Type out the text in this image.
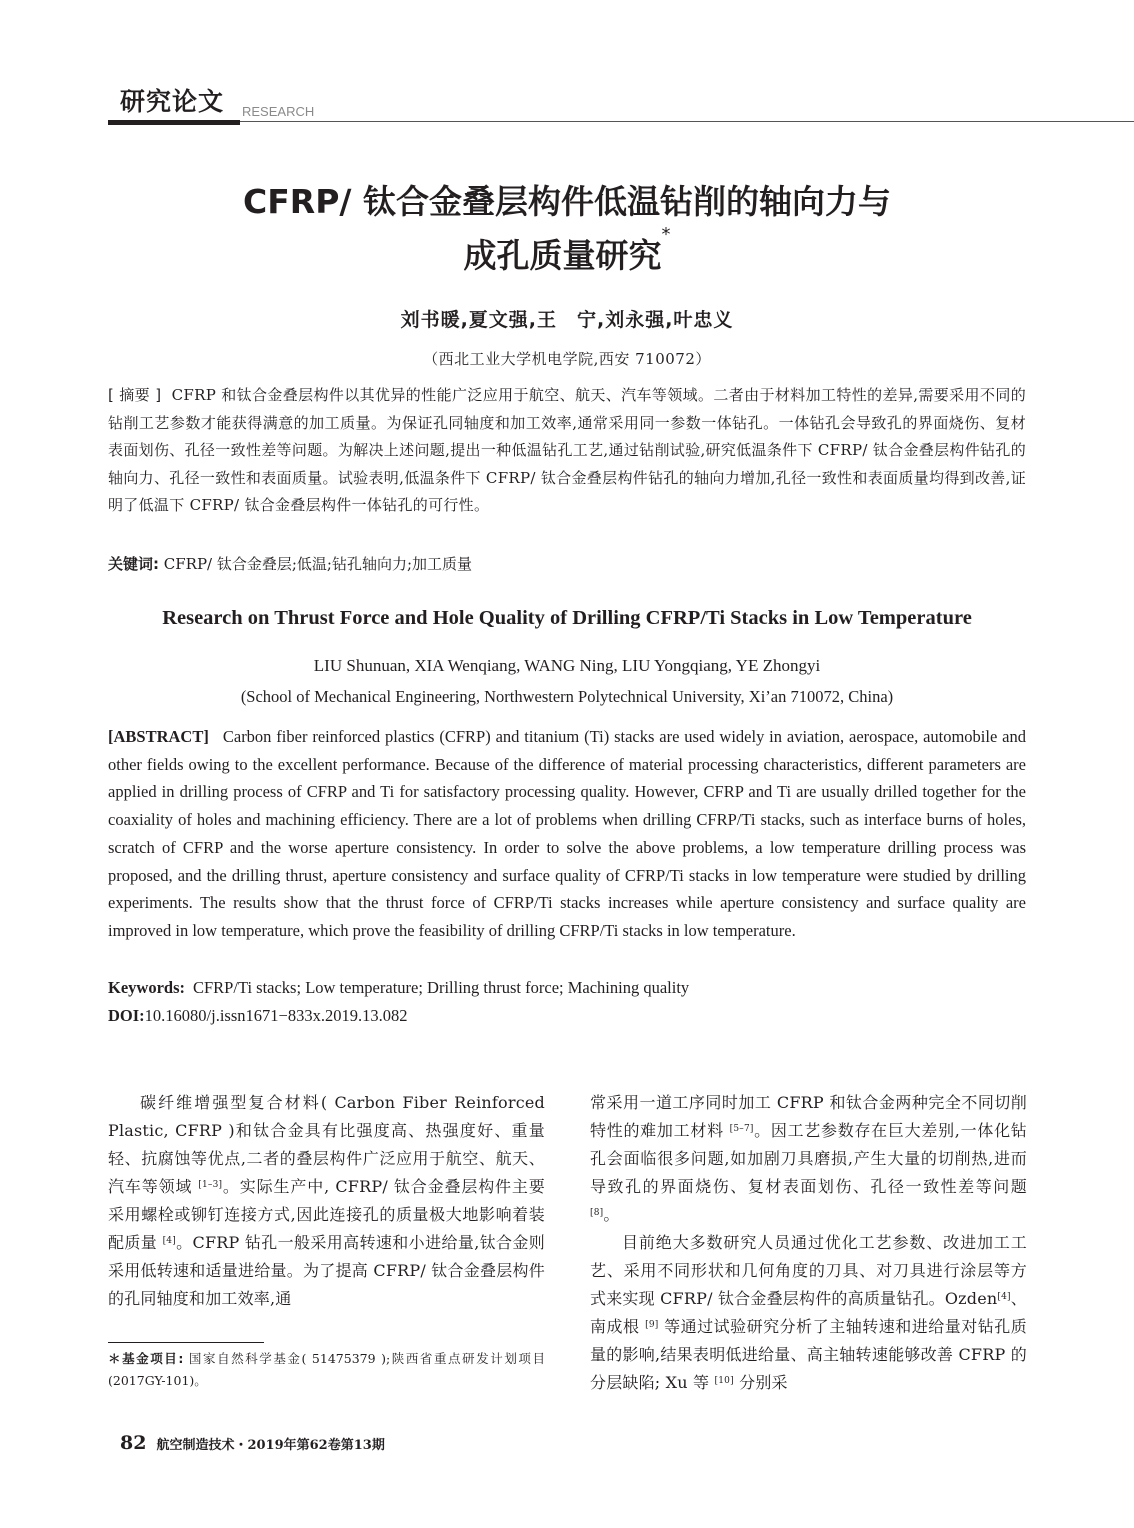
研究论文 RESEARCH
CFRP/ 钛合金叠层构件低温钻削的轴向力与
成孔质量研究*
刘书暖,夏文强,王　宁,刘永强,叶忠义
（西北工业大学机电学院,西安 710072）
[ 摘要 ] CFRP 和钛合金叠层构件以其优异的性能广泛应用于航空、航天、汽车等领域。二者由于材料加工特性的差异,需要采用不同的钻削工艺参数才能获得满意的加工质量。为保证孔同轴度和加工效率,通常采用同一参数一体钻孔。一体钻孔会导致孔的界面烧伤、复材表面划伤、孔径一致性差等问题。为解决上述问题,提出一种低温钻孔工艺,通过钻削试验,研究低温条件下 CFRP/ 钛合金叠层构件钻孔的轴向力、孔径一致性和表面质量。试验表明,低温条件下 CFRP/ 钛合金叠层构件钻孔的轴向力增加,孔径一致性和表面质量均得到改善,证明了低温下 CFRP/ 钛合金叠层构件一体钻孔的可行性。
关键词: CFRP/ 钛合金叠层;低温;钻孔轴向力;加工质量
Research on Thrust Force and Hole Quality of Drilling CFRP/Ti Stacks in Low Temperature
LIU Shunuan, XIA Wenqiang, WANG Ning, LIU Yongqiang, YE Zhongyi
(School of Mechanical Engineering, Northwestern Polytechnical University, Xi’an 710072, China)
[ABSTRACT] Carbon fiber reinforced plastics (CFRP) and titanium (Ti) stacks are used widely in aviation, aerospace, automobile and other fields owing to the excellent performance. Because of the difference of material processing characteristics, different parameters are applied in drilling process of CFRP and Ti for satisfactory processing quality. However, CFRP and Ti are usually drilled together for the coaxiality of holes and machining efficiency. There are a lot of problems when drilling CFRP/Ti stacks, such as interface burns of holes, scratch of CFRP and the worse aperture consistency. In order to solve the above problems, a low temperature drilling process was proposed, and the drilling thrust, aperture consistency and surface quality of CFRP/Ti stacks in low temperature were studied by drilling experiments. The results show that the thrust force of CFRP/Ti stacks increases while aperture consistency and surface quality are improved in low temperature, which prove the feasibility of drilling CFRP/Ti stacks in low temperature.
Keywords: CFRP/Ti stacks; Low temperature; Drilling thrust force; Machining quality
DOI:10.16080/j.issn1671−833x.2019.13.082

碳纤维增强型复合材料( Carbon Fiber Reinforced Plastic, CFRP )和钛合金具有比强度高、热强度好、重量轻、抗腐蚀等优点,二者的叠层构件广泛应用于航空、航天、汽车等领域 [1–3]。实际生产中, CFRP/ 钛合金叠层构件主要采用螺栓或铆钉连接方式,因此连接孔的质量极大地影响着装配质量 [4]。CFRP 钻孔一般采用高转速和小进给量,钛合金则采用低转速和适量进给量。为了提高 CFRP/ 钛合金叠层构件的孔同轴度和加工效率,通

常采用一道工序同时加工 CFRP 和钛合金两种完全不同切削特性的难加工材料 [5–7]。因工艺参数存在巨大差别,一体化钻孔会面临很多问题,如加剧刀具磨损,产生大量的切削热,进而导致孔的界面烧伤、复材表面划伤、孔径一致性差等问题 [8]。

目前绝大多数研究人员通过优化工艺参数、改进加工工艺、采用不同形状和几何角度的刀具、对刀具进行涂层等方式来实现 CFRP/ 钛合金叠层构件的高质量钻孔。Ozden[4]、南成根 [9] 等通过试验研究分析了主轴转速和进给量对钻孔质量的影响,结果表明低进给量、高主轴转速能够改善 CFRP 的分层缺陷; Xu 等 [10] 分别采

＊基金项目: 国家自然科学基金( 51475379 );陕西省重点研发计划项目 (2017GY-101)。
82 航空制造技术・2019年第62卷第13期
